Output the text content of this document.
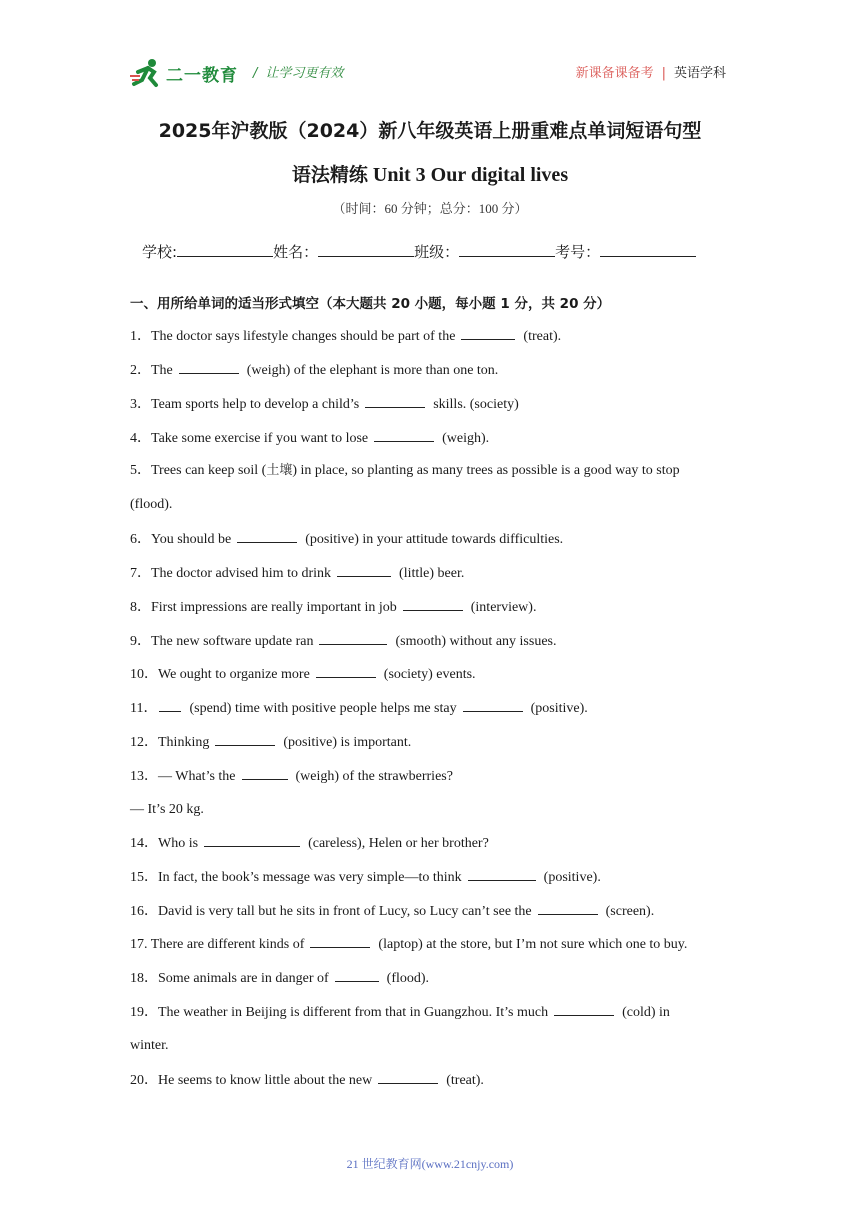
二一教育 / 让学习更有效	新课备课备考 | 英语学科
2025年沪教版（2024）新八年级英语上册重难点单词短语句型
语法精练 Unit 3 Our digital lives
（时间：60 分钟；总分：100 分）
学校:	姓名：	班级：	考号：
一、用所给单词的适当形式填空（本大题共 20 小题，每小题 1 分，共 20 分）
1．The doctor says lifestyle changes should be part of the	(treat).
2．The	(weigh) of the elephant is more than one ton.
3．Team sports help to develop a child’s	skills. (society)
4．Take some exercise if you want to lose	(weigh).
5．Trees can keep soil (土壤) in place, so planting as many trees as possible is a good way to stop
(flood).
6．You should be	(positive) in your attitude towards difficulties.
7．The doctor advised him to drink	(little) beer.
8．First impressions are really important in job	(interview).
9．The new software update ran	(smooth) without any issues.
10．We ought to organize more	(society) events.
11． (spend) time with positive people helps me stay	(positive).
12．Thinking	(positive) is important.
13．— What’s the	(weigh) of the strawberries?
— It’s 20 kg.
14．Who is	(careless), Helen or her brother?
15．In fact, the book’s message was very simple—to think	(positive).
16．David is very tall but he sits in front of Lucy, so Lucy can’t see the	(screen).
17. There are different kinds of	(laptop) at the store, but I’m not sure which one to buy.
18．Some animals are in danger of	(flood).
19．The weather in Beijing is different from that in Guangzhou. It’s much	(cold) in
winter.
20．He seems to know little about the new	(treat).
21 世纪教育网(www.21cnjy.com)
